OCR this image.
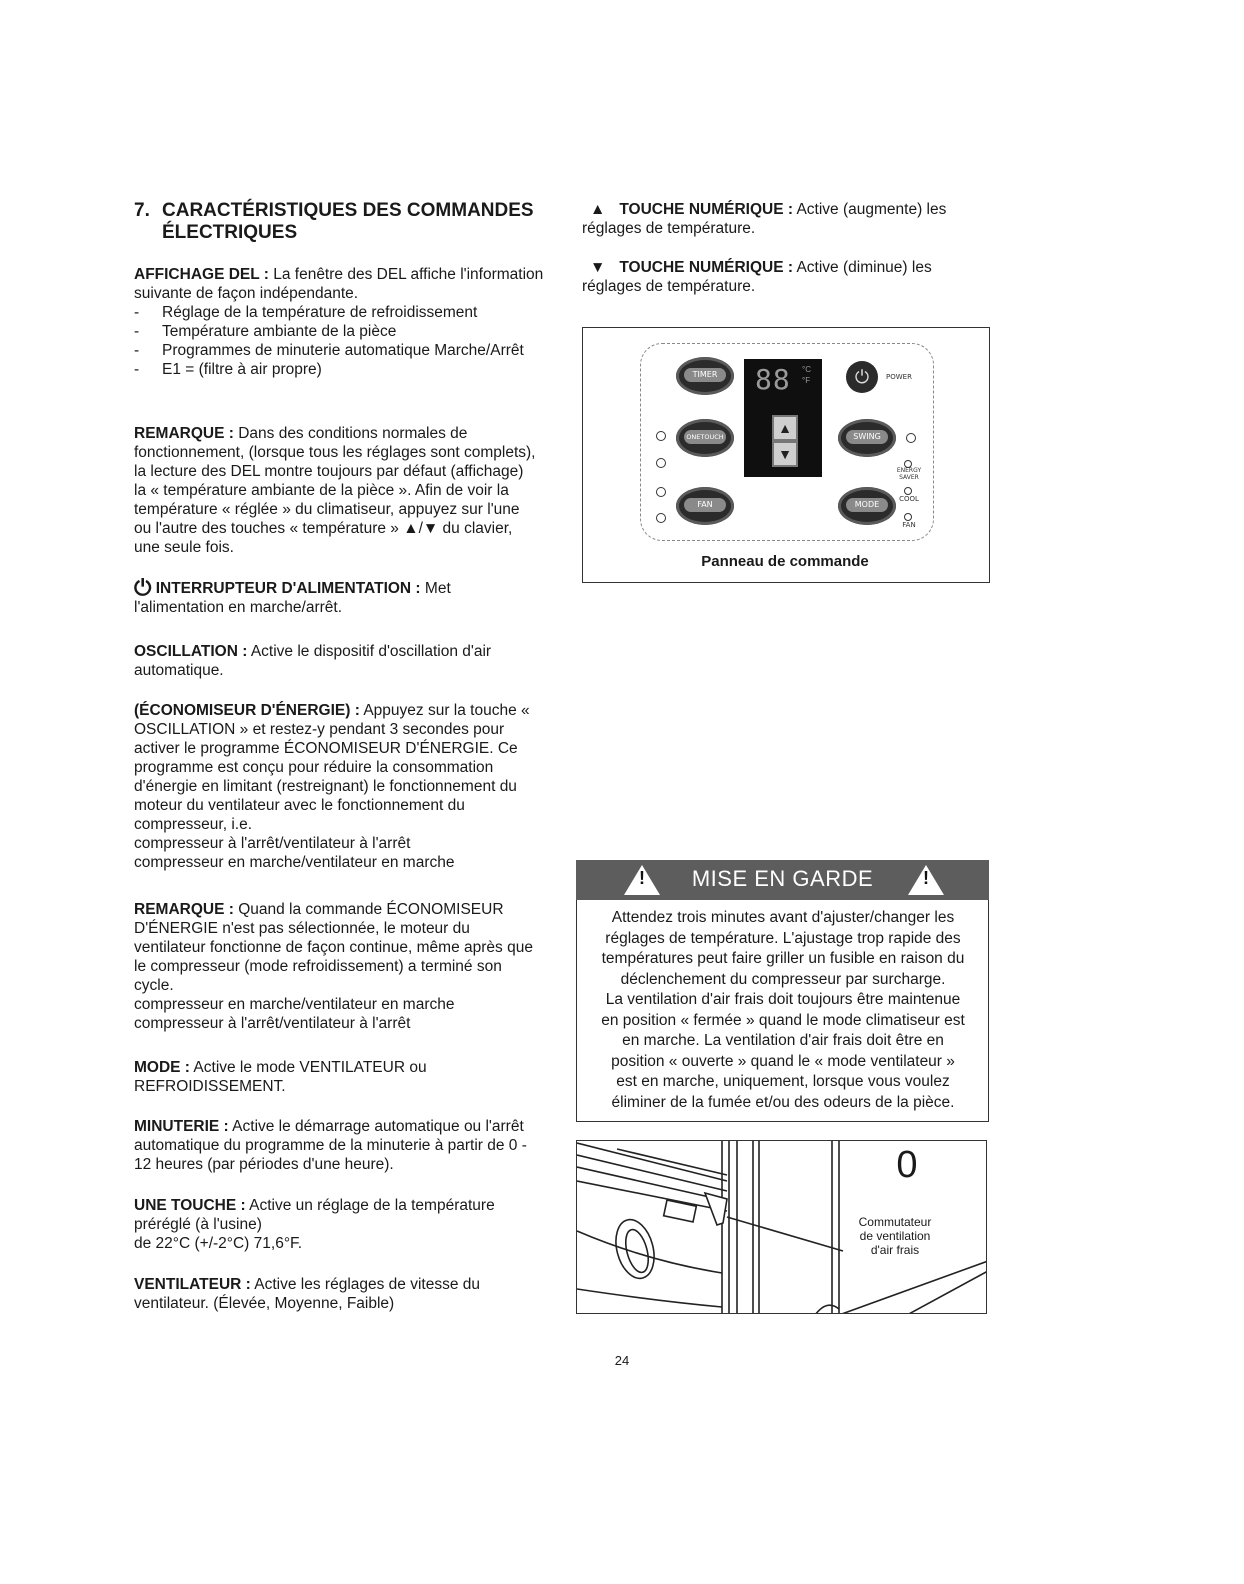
7. CARACTÉRISTIQUES DES COMMANDES
ÉLECTRIQUES

AFFICHAGE DEL : La fenêtre des DEL affiche l'information suivante de façon indépendante.

- Réglage de la température de refroidissement
- Température ambiante de la pièce
- Programmes de minuterie automatique Marche/Arrêt
- E1 = (filtre à air propre)

REMARQUE : Dans des conditions normales de fonctionnement, (lorsque tous les réglages sont complets), la lecture des DEL montre toujours par défaut (affichage) la « température ambiante de la pièce ». Afin de voir la température « réglée » du climatiseur, appuyez sur l'une ou l'autre des touches « température » ▲/▼ du clavier, une seule fois.

⏻ INTERRUPTEUR D'ALIMENTATION : Met l'alimentation en marche/arrêt.

OSCILLATION : Active le dispositif d'oscillation d'air automatique.

(ÉCONOMISEUR D'ÉNERGIE) : Appuyez sur la touche « OSCILLATION » et restez-y pendant 3 secondes pour activer le programme ÉCONOMISEUR D'ÉNERGIE. Ce programme est conçu pour réduire la consommation d'énergie en limitant (restreignant) le fonctionnement du moteur du ventilateur avec le fonctionnement du compresseur, i.e.

compresseur à l'arrêt/ventilateur à l'arrêt

compresseur en marche/ventilateur en marche

REMARQUE : Quand la commande ÉCONOMISEUR D'ÉNERGIE n'est pas sélectionnée, le moteur du ventilateur fonctionne de façon continue, même après que le compresseur (mode refroidissement) a terminé son cycle.

compresseur en marche/ventilateur en marche

compresseur à l'arrêt/ventilateur à l'arrêt

MODE : Active le mode VENTILATEUR ou REFROIDISSEMENT.

MINUTERIE : Active le démarrage automatique ou l'arrêt automatique du programme de la minuterie à partir de 0 - 12 heures (par périodes d'une heure).

UNE TOUCHE : Active un réglage de la température préréglé (à l'usine)

de 22°C (+/-2°C) 71,6°F.

VENTILATEUR : Active les réglages de vitesse du ventilateur. (Élevée, Moyenne, Faible)

▲ TOUCHE NUMÉRIQUE : Active (augmente) les réglages de température.

▼ TOUCHE NUMÉRIQUE : Active (diminue) les réglages de température.

TIMER
ONETOUCH
FAN
88 °C
°F
▲
▼
⏻	POWER
SWING
MODE
ENERGY SAVER
COOL
FAN
Panneau de commande
!	MISE EN GARDE	!
Attendez trois minutes avant d'ajuster/changer les
réglages de température. L'ajustage trop rapide des
températures peut faire griller un fusible en raison du
déclenchement du compresseur par surcharge.
La ventilation d'air frais doit toujours être maintenue
en position « fermée » quand le mode climatiseur est
en marche. La ventilation d'air frais doit être en
position « ouverte » quand le « mode ventilateur »
est en marche, uniquement, lorsque vous voulez
éliminer de la fumée et/ou des odeurs de la pièce.
0
Commutateur
de ventilation
d'air frais
24
